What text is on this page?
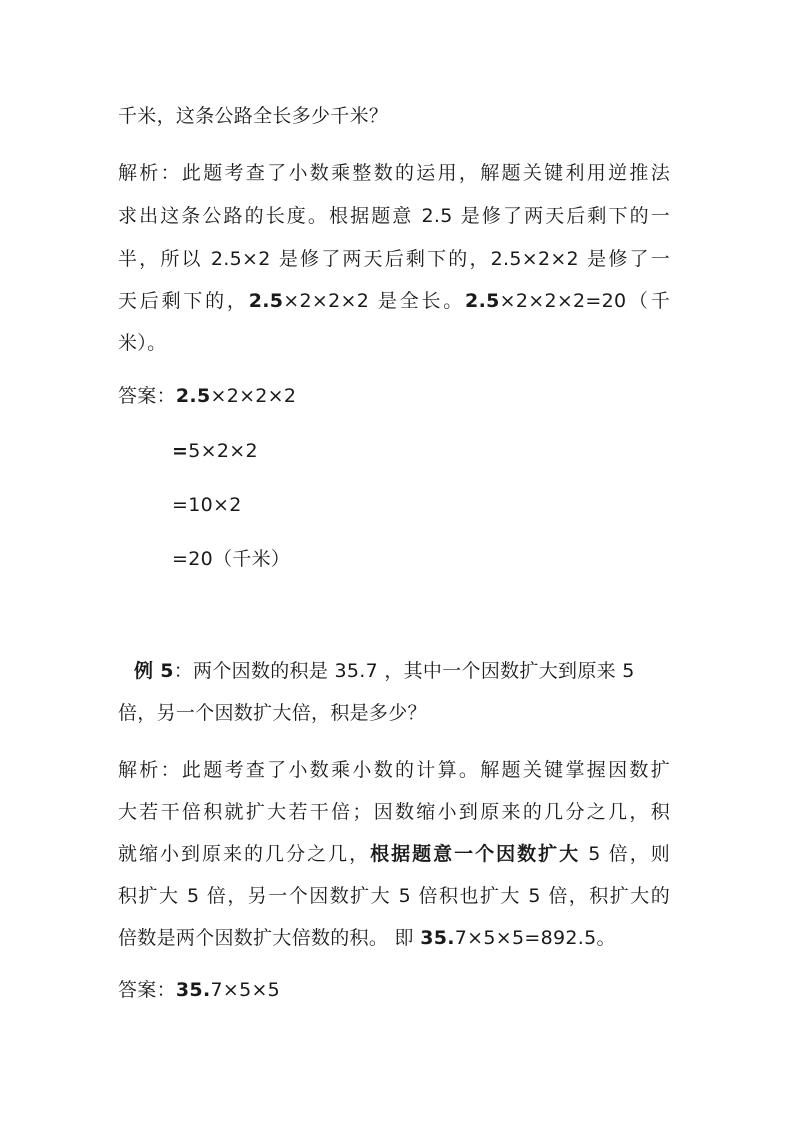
千米，这条公路全长多少千米？
解析：此题考查了小数乘整数的运用，解题关键利用逆推法
求出这条公路的长度。根据题意 2.5 是修了两天后剩下的一
半，所以 2.5×2 是修了两天后剩下的，2.5×2×2 是修了一
天后剩下的，2.5×2×2×2 是全长。2.5×2×2×2=20（千
米）。
答案：2.5×2×2×2
=5×2×2
=10×2
=20（千米）
例 5：两个因数的积是 35.7 ，其中一个因数扩大到原来 5
倍，另一个因数扩大倍，积是多少？
解析：此题考查了小数乘小数的计算。解题关键掌握因数扩
大若干倍积就扩大若干倍；因数缩小到原来的几分之几，积
就缩小到原来的几分之几，根据题意一个因数扩大 5 倍，则
积扩大 5 倍，另一个因数扩大 5 倍积也扩大 5 倍，积扩大的
倍数是两个因数扩大倍数的积。 即 35.7×5×5=892.5。
答案：35.7×5×5
